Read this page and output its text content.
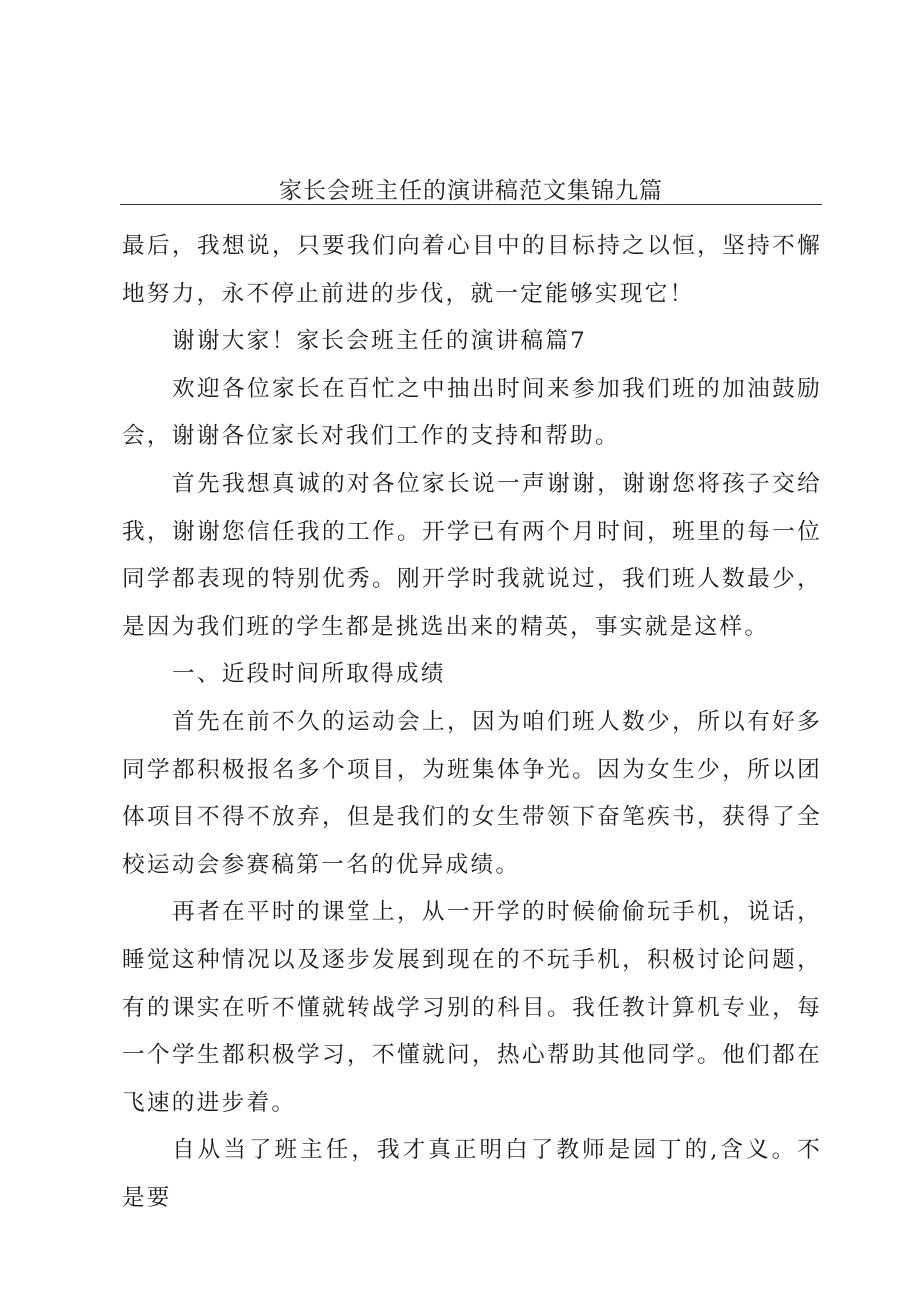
家长会班主任的演讲稿范文集锦九篇

最后，我想说，只要我们向着心目中的目标持之以恒，坚持不懈地努力，永不停止前进的步伐，就一定能够实现它！

谢谢大家！家长会班主任的演讲稿篇7

欢迎各位家长在百忙之中抽出时间来参加我们班的加油鼓励会，谢谢各位家长对我们工作的支持和帮助。

首先我想真诚的对各位家长说一声谢谢，谢谢您将孩子交给我，谢谢您信任我的工作。开学已有两个月时间，班里的每一位同学都表现的特别优秀。刚开学时我就说过，我们班人数最少，是因为我们班的学生都是挑选出来的精英，事实就是这样。

一、近段时间所取得成绩

首先在前不久的运动会上，因为咱们班人数少，所以有好多同学都积极报名多个项目，为班集体争光。因为女生少，所以团体项目不得不放弃，但是我们的女生带领下奋笔疾书，获得了全校运动会参赛稿第一名的优异成绩。

再者在平时的课堂上，从一开学的时候偷偷玩手机，说话，睡觉这种情况以及逐步发展到现在的不玩手机，积极讨论问题，有的课实在听不懂就转战学习别的科目。我任教计算机专业，每一个学生都积极学习，不懂就问，热心帮助其他同学。他们都在飞速的进步着。

自从当了班主任，我才真正明白了教师是园丁的,含义。不是要
